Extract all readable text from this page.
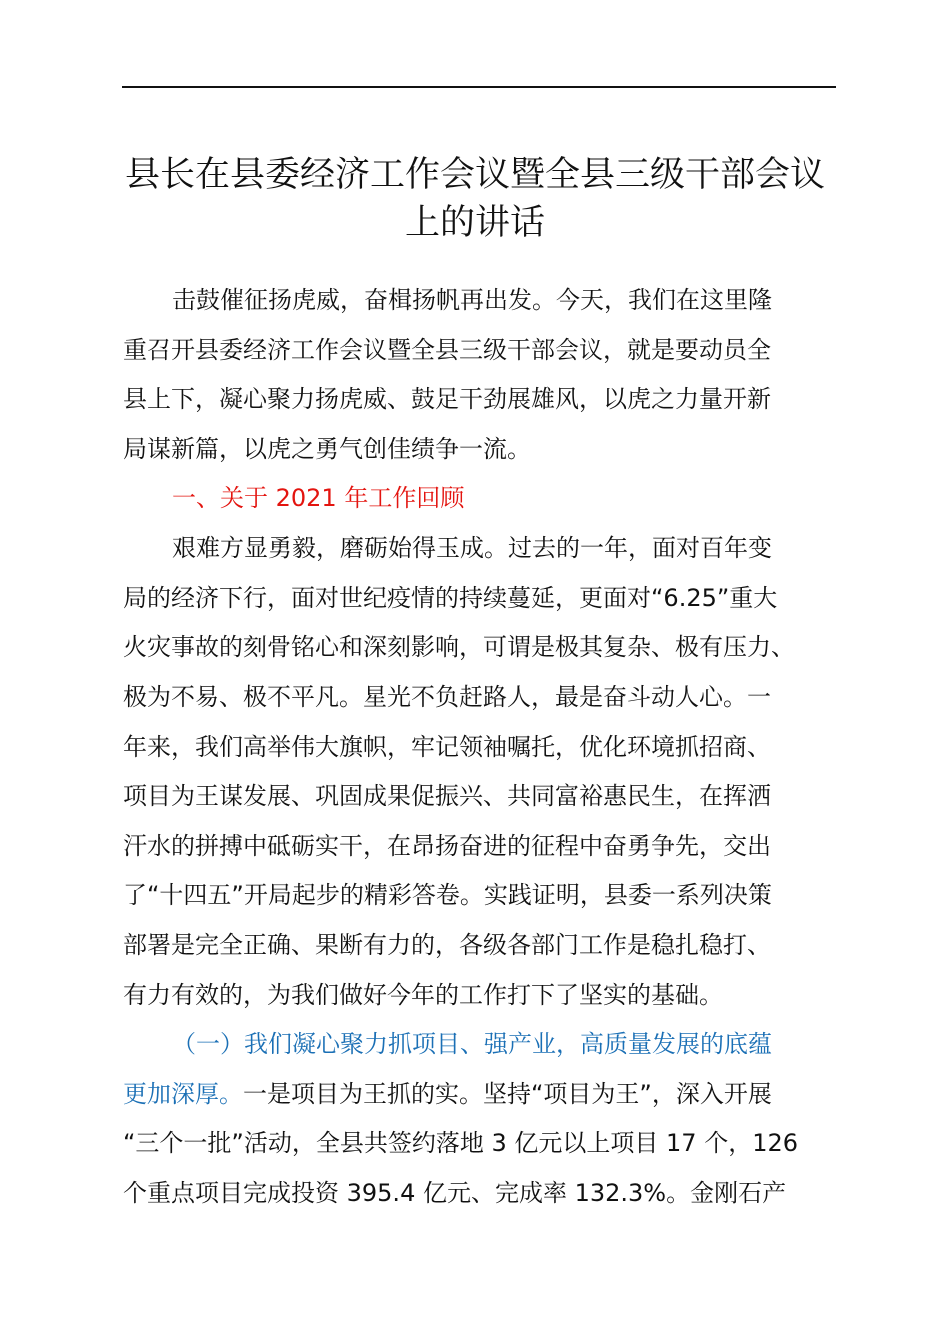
县长在县委经济工作会议暨全县三级干部会议
上的讲话
击鼓催征扬虎威，奋楫扬帆再出发。今天，我们在这里隆
重召开县委经济工作会议暨全县三级干部会议，就是要动员全
县上下，凝心聚力扬虎威、鼓足干劲展雄风，以虎之力量开新
局谋新篇，以虎之勇气创佳绩争一流。
一、关于 2021 年工作回顾
艰难方显勇毅，磨砺始得玉成。过去的一年，面对百年变
局的经济下行，面对世纪疫情的持续蔓延，更面对“6.25”重大
火灾事故的刻骨铭心和深刻影响，可谓是极其复杂、极有压力、
极为不易、极不平凡。星光不负赶路人，最是奋斗动人心。一
年来，我们高举伟大旗帜，牢记领袖嘱托，优化环境抓招商、
项目为王谋发展、巩固成果促振兴、共同富裕惠民生，在挥洒
汗水的拼搏中砥砺实干，在昂扬奋进的征程中奋勇争先，交出
了“十四五”开局起步的精彩答卷。实践证明，县委一系列决策
部署是完全正确、果断有力的，各级各部门工作是稳扎稳打、
有力有效的，为我们做好今年的工作打下了坚实的基础。
（一）我们凝心聚力抓项目、强产业，高质量发展的底蕴
更加深厚。一是项目为王抓的实。坚持“项目为王”，深入开展
“三个一批”活动，全县共签约落地 3 亿元以上项目 17 个，126
个重点项目完成投资 395.4 亿元、完成率 132.3%。金刚石产
